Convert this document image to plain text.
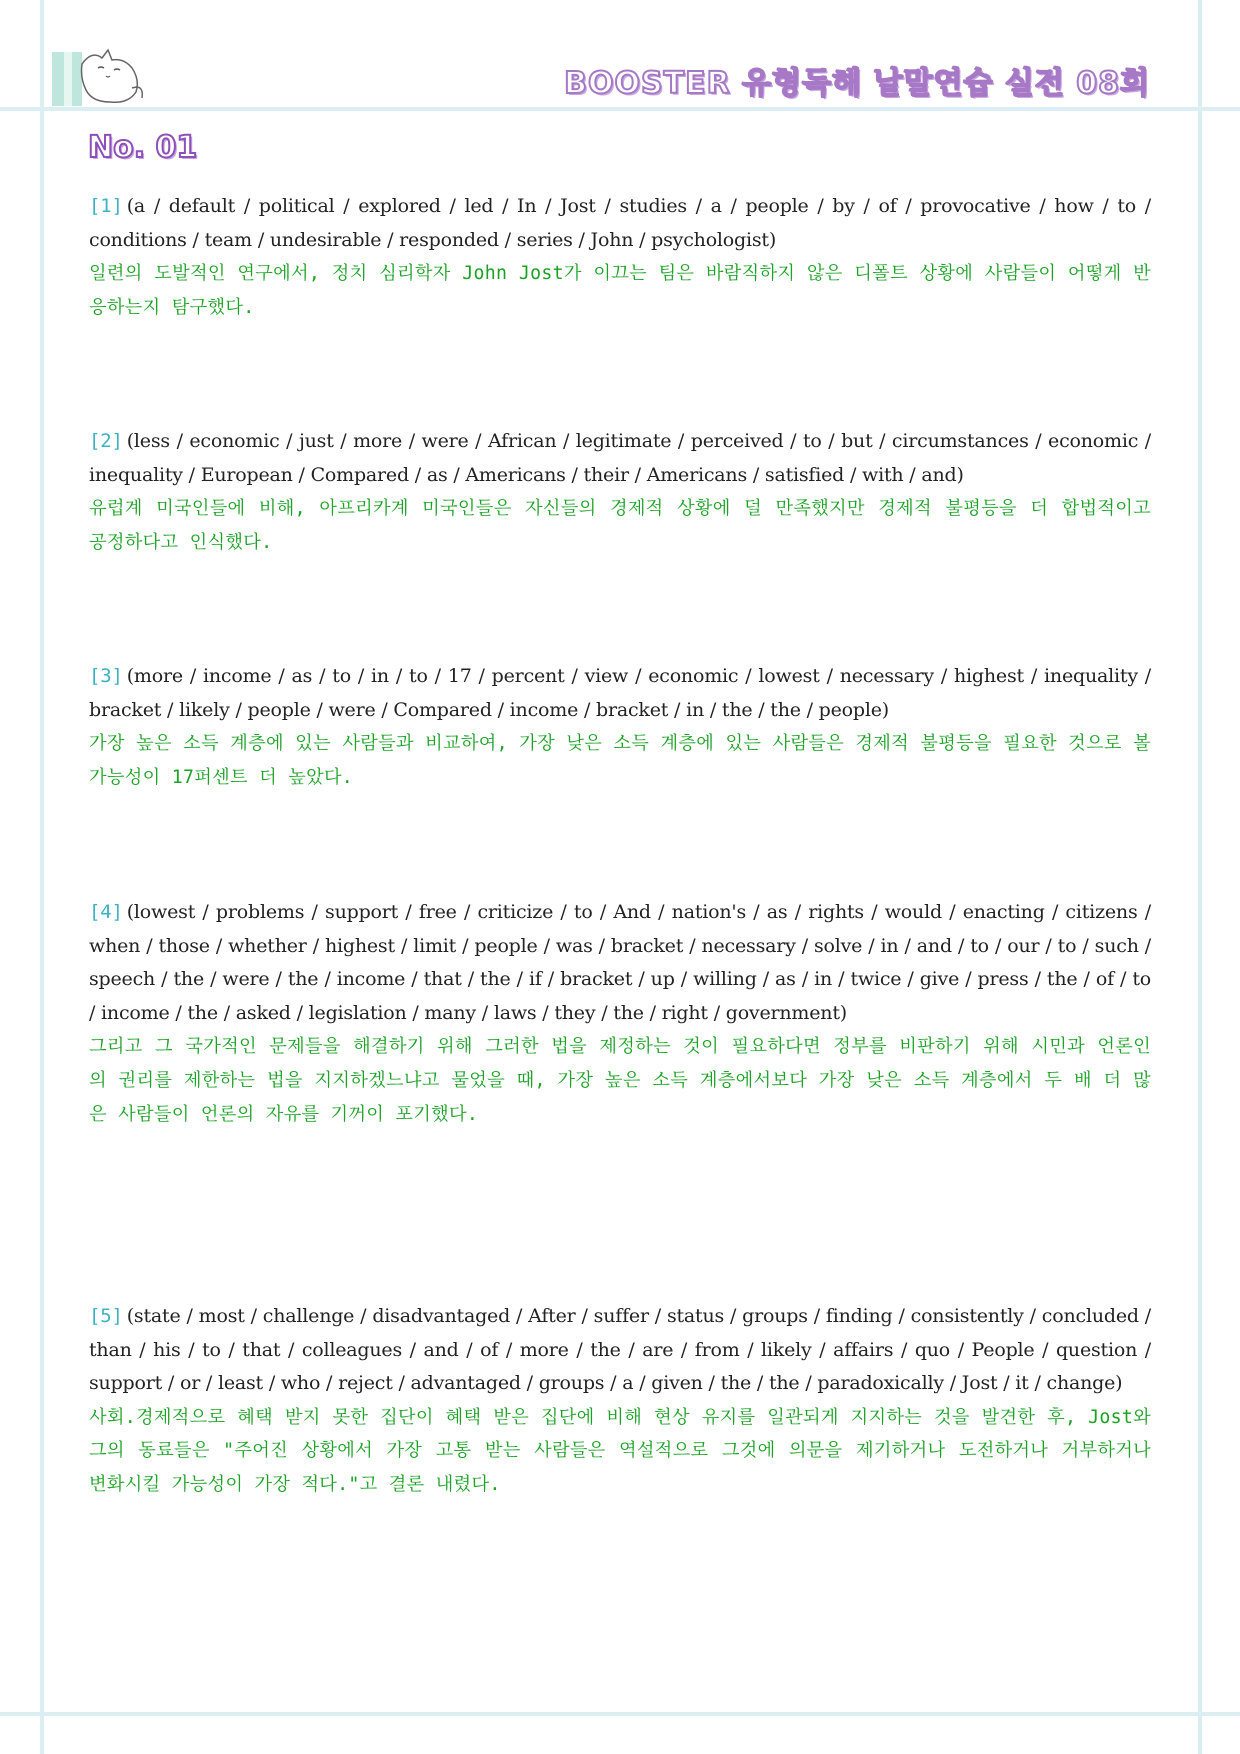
BOOSTER 유형독해 낱말연습 실전 08회
No. 01

[1] (a / default / political / explored / led / In / Jost / studies / a / people / by / of / provocative / how / to / conditions / team / undesirable / responded / series / John / psychologist)

일련의 도발적인 연구에서, 정치 심리학자 John Jost가 이끄는 팀은 바람직하지 않은 디폴트 상황에 사람들이 어떻게 반응하는지 탐구했다.

[2] (less / economic / just / more / were / African / legitimate / perceived / to / but / circumstances / economic / inequality / European / Compared / as / Americans / their / Americans / satisfied / with / and)

유럽계 미국인들에 비해, 아프리카계 미국인들은 자신들의 경제적 상황에 덜 만족했지만 경제적 불평등을 더 합법적이고 공정하다고 인식했다.

[3] (more / income / as / to / in / to / 17 / percent / view / economic / lowest / necessary / highest / inequality / bracket / likely / people / were / Compared / income / bracket / in / the / the / people)

가장 높은 소득 계층에 있는 사람들과 비교하여, 가장 낮은 소득 계층에 있는 사람들은 경제적 불평등을 필요한 것으로 볼 가능성이 17퍼센트 더 높았다.

[4] (lowest / problems / support / free / criticize / to / And / nation's / as / rights / would / enacting / citizens / when / those / whether / highest / limit / people / was / bracket / necessary / solve / in / and / to / our / to / such / speech / the / were / the / income / that / the / if / bracket / up / willing / as / in / twice / give / press / the / of / to / income / the / asked / legislation / many / laws / they / the / right / government)

그리고 그 국가적인 문제들을 해결하기 위해 그러한 법을 제정하는 것이 필요하다면 정부를 비판하기 위해 시민과 언론인의 권리를 제한하는 법을 지지하겠느냐고 물었을 때, 가장 높은 소득 계층에서보다 가장 낮은 소득 계층에서 두 배 더 많은 사람들이 언론의 자유를 기꺼이 포기했다.

[5] (state / most / challenge / disadvantaged / After / suffer / status / groups / finding / consistently / concluded / than / his / to / that / colleagues / and / of / more / the / are / from / likely / affairs / quo / People / question / support / or / least / who / reject / advantaged / groups / a / given / the / the / paradoxically / Jost / it / change)

사회.경제적으로 혜택 받지 못한 집단이 혜택 받은 집단에 비해 현상 유지를 일관되게 지지하는 것을 발견한 후, Jost와 그의 동료들은 "주어진 상황에서 가장 고통 받는 사람들은 역설적으로 그것에 의문을 제기하거나 도전하거나 거부하거나 변화시킬 가능성이 가장 적다."고 결론 내렸다.
